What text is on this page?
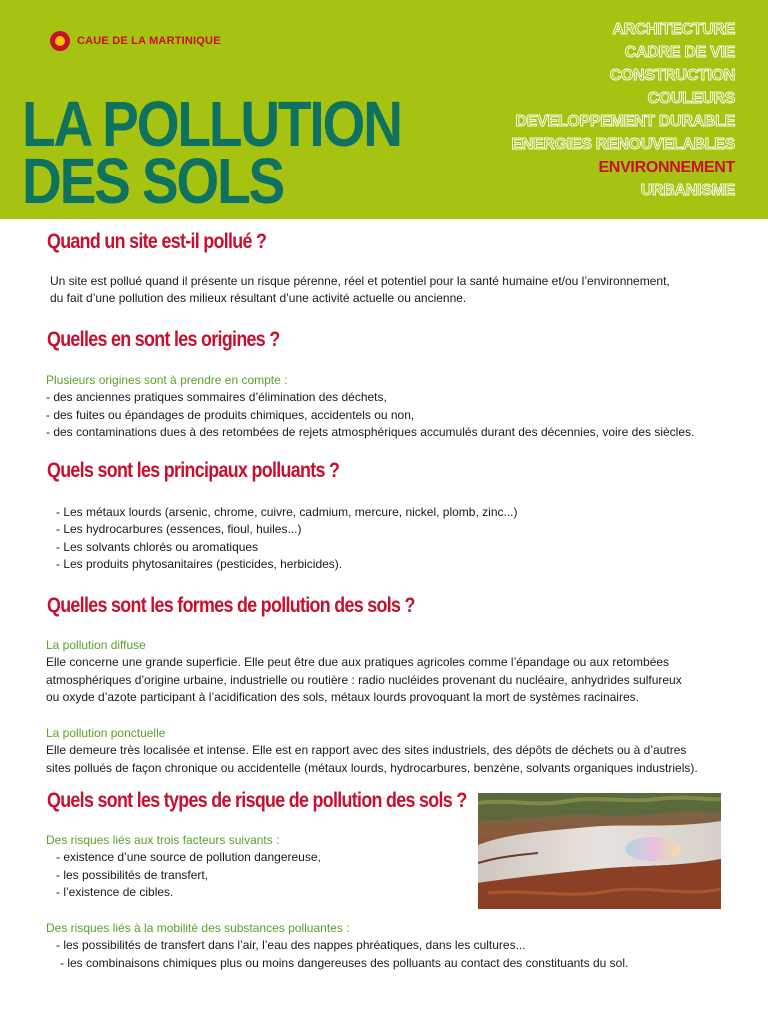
CAUE DE LA MARTINIQUE
LA POLLUTION
DES SOLS
ARCHITECTURE
CADRE DE VIE
CONSTRUCTION
COULEURS
DEVELOPPEMENT DURABLE
ENERGIES RENOUVELABLES
ENVIRONNEMENT
URBANISME
Quand un site est-il pollué ?
Un site est pollué quand il présente un risque pérenne, réel et potentiel pour la santé humaine et/ou l’environnement,
du fait d’une pollution des milieux résultant d’une activité actuelle ou ancienne.
Quelles en sont les origines ?
Plusieurs origines sont à prendre en compte :
- des anciennes pratiques sommaires d’élimination des déchets,
- des fuites ou épandages de produits chimiques, accidentels ou non,
- des contaminations dues à des retombées de rejets atmosphériques accumulés durant des décennies, voire des siècles.
Quels sont les principaux polluants ?
- Les métaux lourds (arsenic, chrome, cuivre, cadmium, mercure, nickel, plomb, zinc...)
- Les hydrocarbures (essences, fioul, huiles...)
- Les solvants chlorés ou aromatiques
- Les produits phytosanitaires (pesticides, herbicides).
Quelles sont les formes de pollution des sols ?
La pollution diffuse
Elle concerne une grande superficie. Elle peut être due aux pratiques agricoles comme l’épandage ou aux retombées
atmosphériques d’origine urbaine, industrielle ou routière : radio nucléides provenant du nucléaire, anhydrides sulfureux
ou oxyde d’azote participant à l’acidification des sols, métaux lourds provoquant la mort de systèmes racinaires.
La pollution ponctuelle
Elle demeure très localisée et intense. Elle est en rapport avec des sites industriels, des dépôts de déchets ou à d’autres
sites pollués de façon chronique ou accidentelle (métaux lourds, hydrocarbures, benzène, solvants organiques industriels).
Quels sont les types de risque de pollution des sols ?
Des risques liés aux trois facteurs suivants :
- existence d’une source de pollution dangereuse,
- les possibilités de transfert,
- l’existence de cibles.
Des risques liés à la mobilité des substances polluantes :
- les possibilités de transfert dans l’air, l’eau des nappes phréatiques, dans les cultures...
- les combinaisons chimiques plus ou moins dangereuses des polluants au contact des constituants du sol.
